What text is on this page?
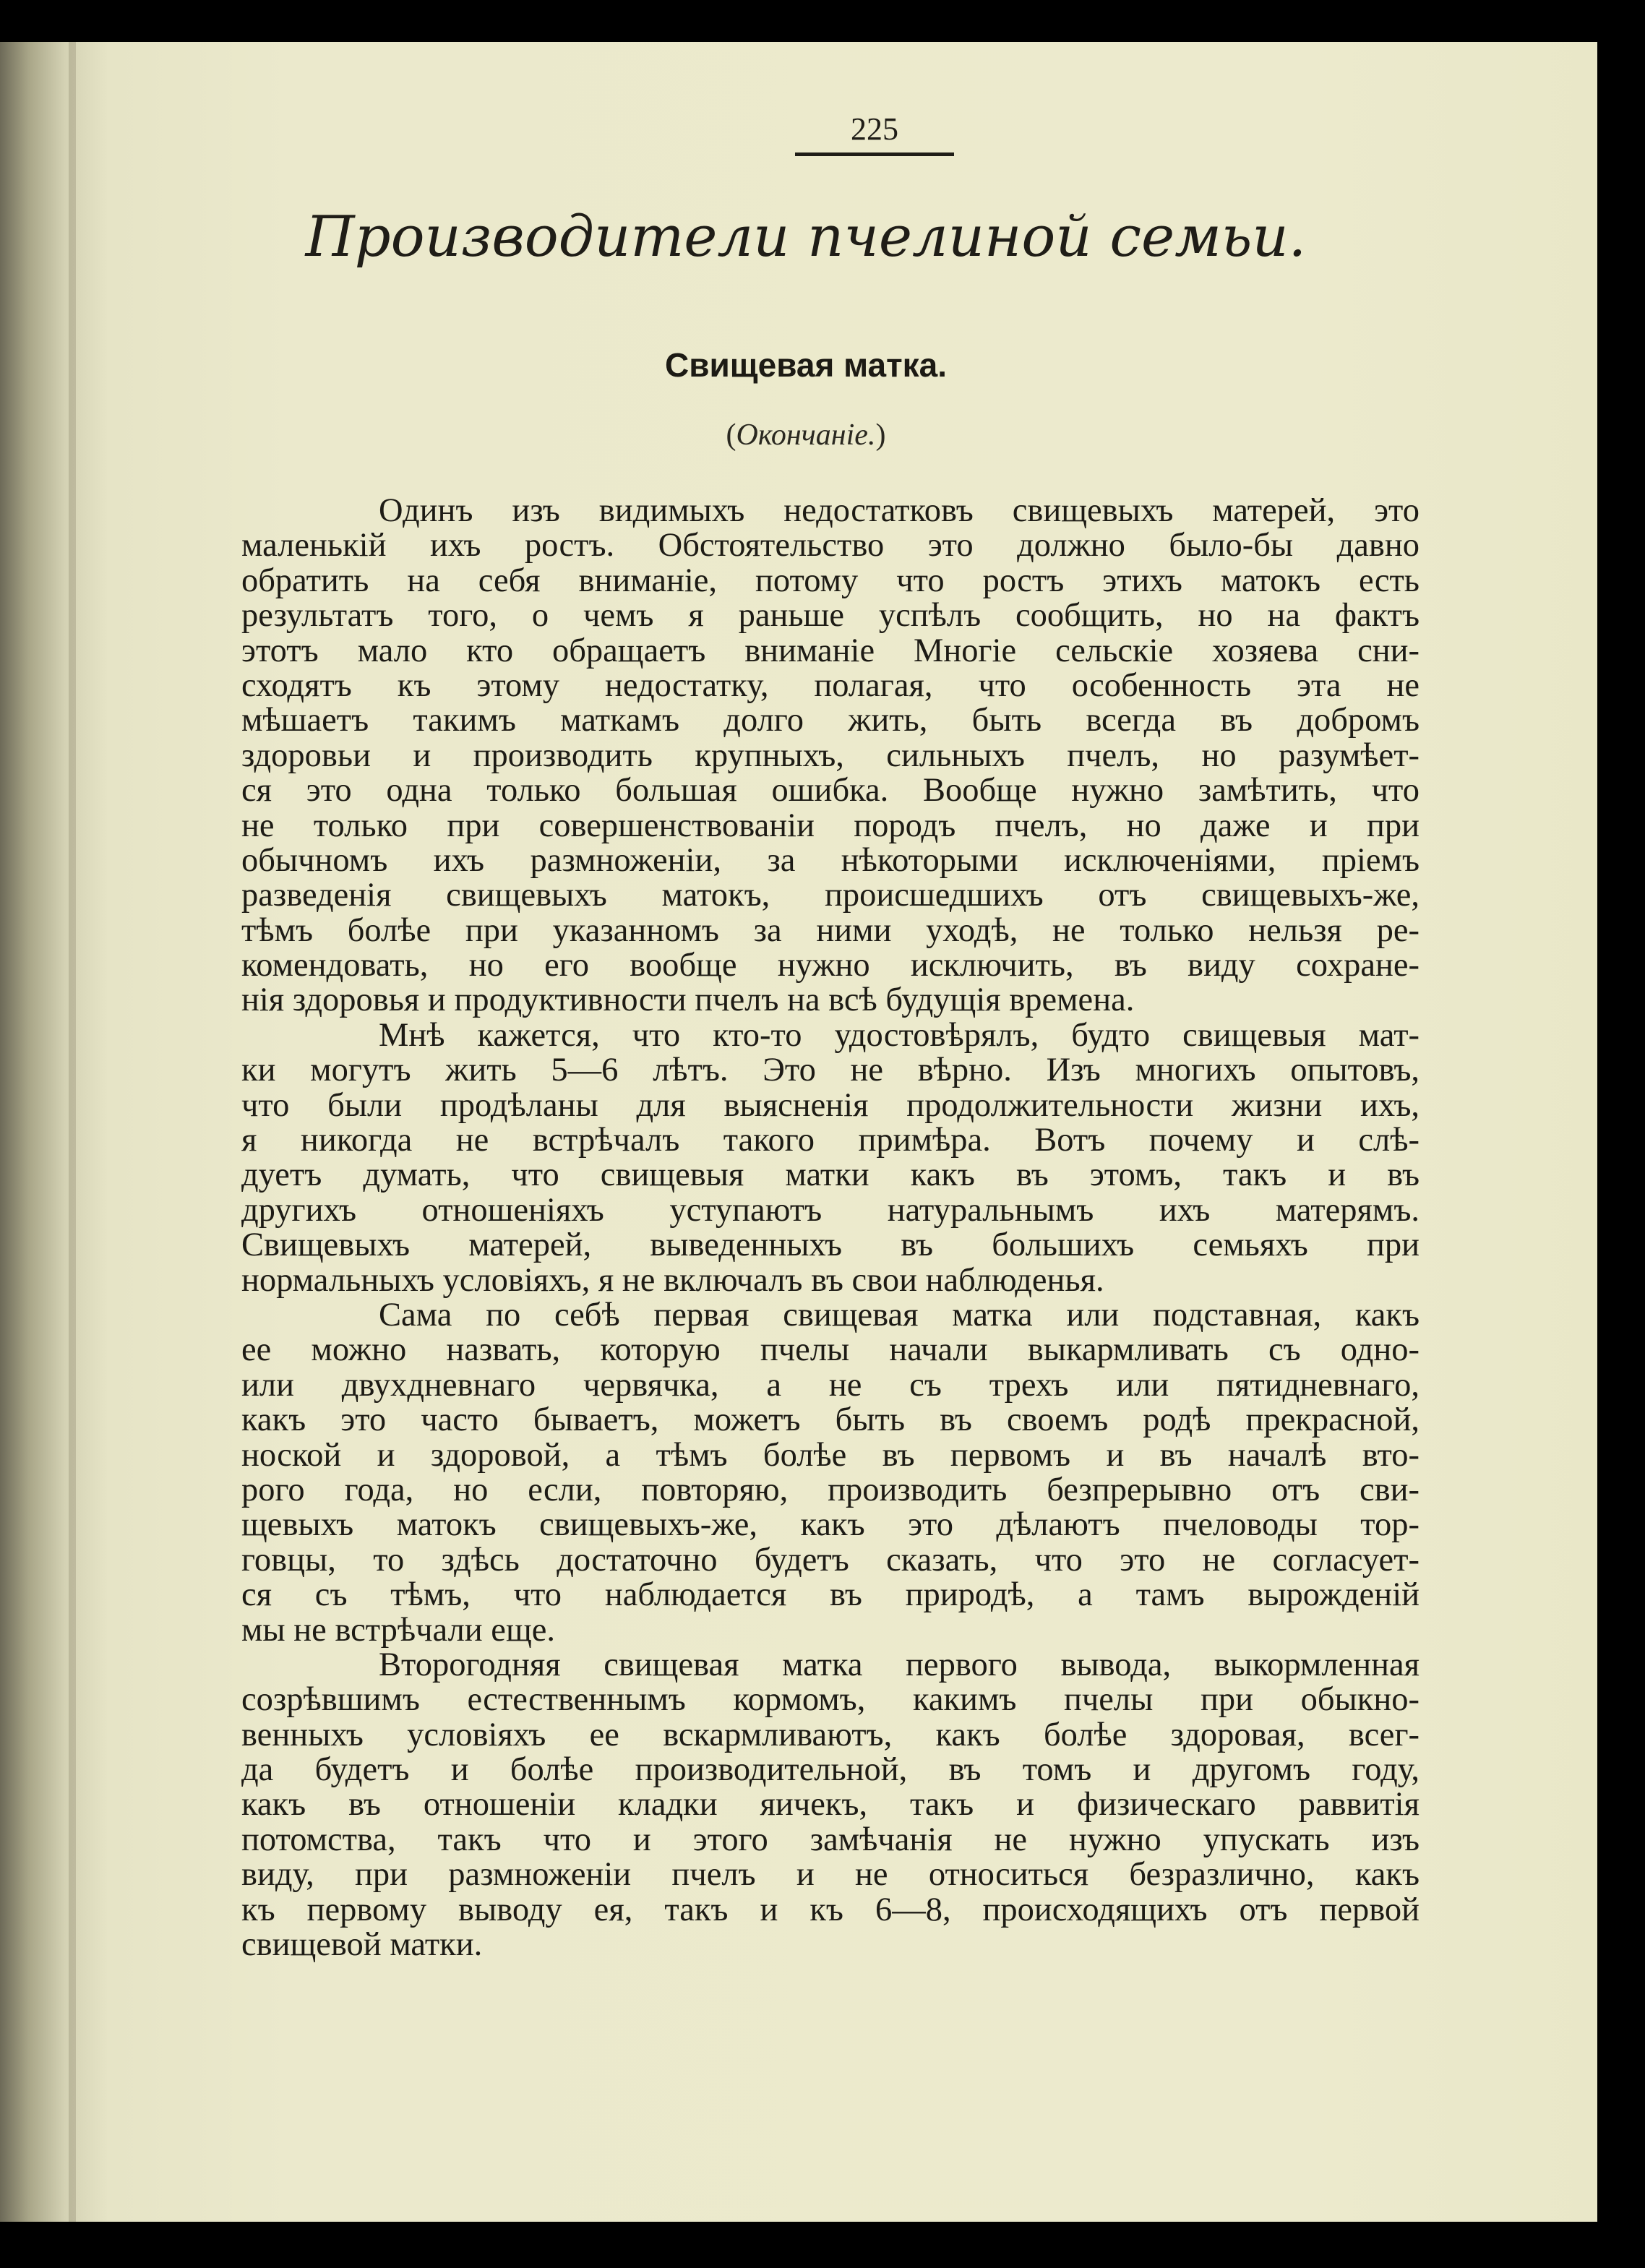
225
Производители пчелиной семьи.
Свищевая матка.
(Окончаніе.)
Одинъ изъ видимыхъ недостатковъ свищевыхъ матерей, это
маленькій ихъ ростъ. Обстоятельство это должно было-бы давно
обратить на себя вниманіе, потому что ростъ этихъ матокъ есть
результатъ того, о чемъ я раньше успѣлъ сообщить, но на фактъ
этотъ мало кто обращаетъ вниманіе Многіе сельскіе хозяева сни-
сходятъ къ этому недостатку, полагая, что особенность эта не
мѣшаетъ такимъ маткамъ долго жить, быть всегда въ добромъ
здоровьи и производить крупныхъ, сильныхъ пчелъ, но разумѣет-
ся это одна только большая ошибка. Вообще нужно замѣтить, что
не только при совершенствованіи породъ пчелъ, но даже и при
обычномъ ихъ размноженіи, за нѣкоторыми исключеніями, пріемъ
разведенія свищевыхъ матокъ, происшедшихъ отъ свищевыхъ-же,
тѣмъ болѣе при указанномъ за ними уходѣ, не только нельзя ре-
комендовать, но его вообще нужно исключить, въ виду сохране-
нія здоровья и продуктивности пчелъ на всѣ будущія времена.
Мнѣ кажется, что кто-то удостовѣрялъ, будто свищевыя мат-
ки могутъ жить 5—6 лѣтъ. Это не вѣрно. Изъ многихъ опытовъ,
что были продѣланы для выясненія продолжительности жизни ихъ,
я никогда не встрѣчалъ такого примѣра. Вотъ почему и слѣ-
дуетъ думать, что свищевыя матки какъ въ этомъ, такъ и въ
другихъ отношеніяхъ уступаютъ натуральнымъ ихъ матерямъ.
Свищевыхъ матерей, выведенныхъ въ большихъ семьяхъ при
нормальныхъ условіяхъ, я не включалъ въ свои наблюденья.
Сама по себѣ первая свищевая матка или подставная, какъ
ее можно назвать, которую пчелы начали выкармливать съ одно-
или двухдневнаго червячка, а не съ трехъ или пятидневнаго,
какъ это часто бываетъ, можетъ быть въ своемъ родѣ прекрасной,
ноской и здоровой, а тѣмъ болѣе въ первомъ и въ началѣ вто-
рого года, но если, повторяю, производить безпрерывно отъ сви-
щевыхъ матокъ свищевыхъ-же, какъ это дѣлаютъ пчеловоды тор-
говцы, то здѣсь достаточно будетъ сказать, что это не согласует-
ся съ тѣмъ, что наблюдается въ природѣ, а тамъ вырожденій
мы не встрѣчали еще.
Второгодняя свищевая матка первого вывода, выкормленная
созрѣвшимъ естественнымъ кормомъ, какимъ пчелы при обыкно-
венныхъ условіяхъ ее вскармливаютъ, какъ болѣе здоровая, всег-
да будетъ и болѣе производительной, въ томъ и другомъ году,
какъ въ отношеніи кладки яичекъ, такъ и физическаго раввитія
потомства, такъ что и этого замѣчанія не нужно упускать изъ
виду, при размноженіи пчелъ и не относиться безразлично, какъ
къ первому выводу ея, такъ и къ 6—8, происходящихъ отъ первой
свищевой матки.
